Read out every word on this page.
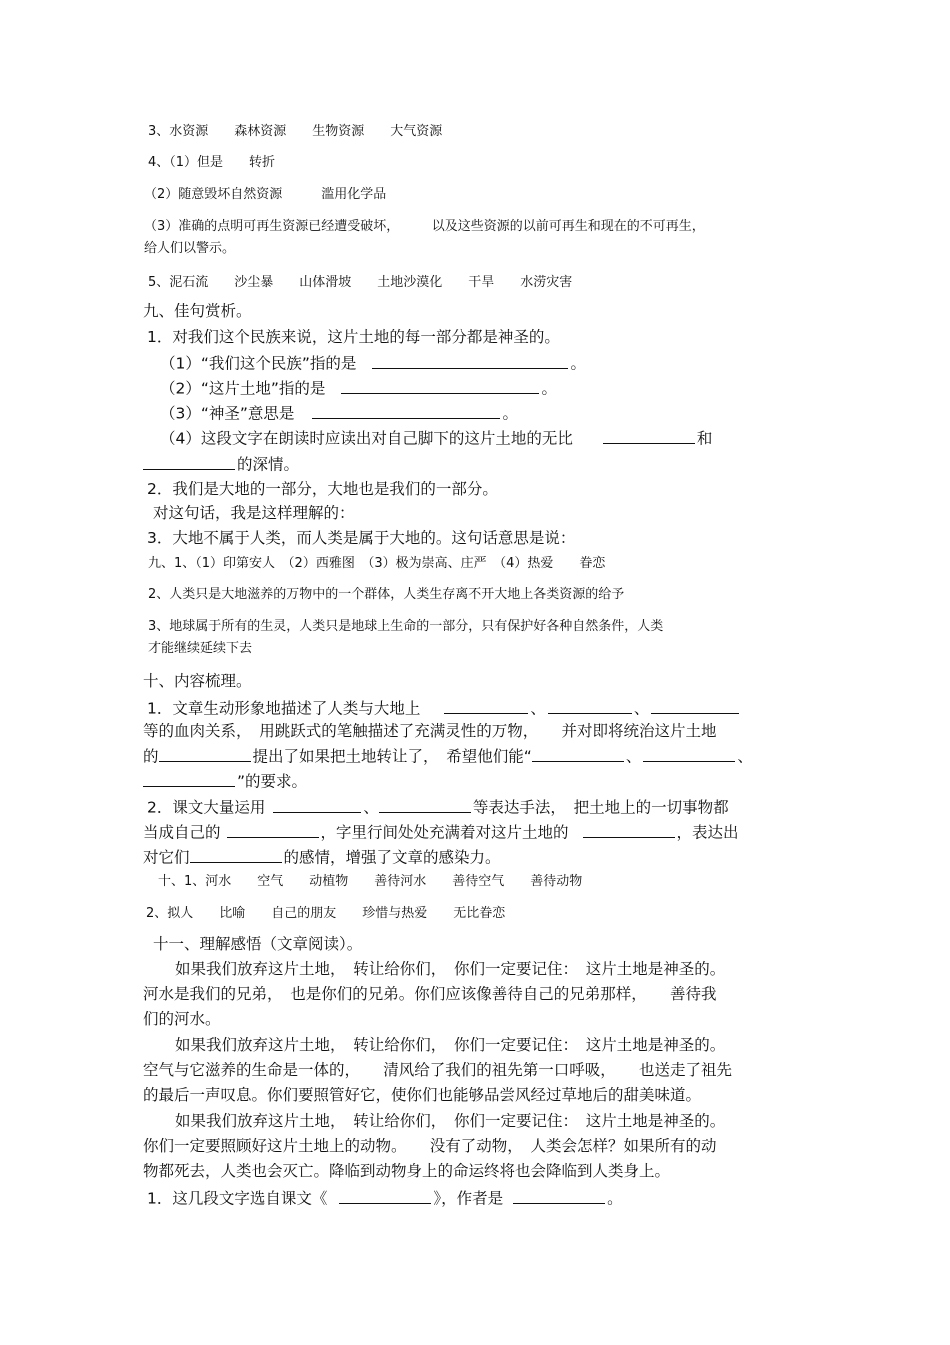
3、水资源　　森林资源　　生物资源　　大气资源
4、（1）但是　　转折
（2）随意毁坏自然资源　　　滥用化学品
（3）准确的点明可再生资源已经遭受破坏，　　　以及这些资源的以前可再生和现在的不可再生，
给人们以警示。
5、泥石流　　沙尘暴　　山体滑坡　　土地沙漠化　　干旱　　水涝灾害
九、佳句赏析。
1．对我们这个民族来说，这片土地的每一部分都是神圣的。
（1）“我们这个民族”指的是	。
（2）“这片土地”指的是	。
（3）“神圣”意思是	。
（4）这段文字在朗读时应读出对自己脚下的这片土地的无比	和
的深情。
2．我们是大地的一部分，大地也是我们的一部分。
对这句话，我是这样理解的：
3．大地不属于人类，而人类是属于大地的。这句话意思是说：
九、1、（1）印第安人　（2）西雅图　（3）极为崇高、庄严　（4）热爱　　眷恋
2、人类只是大地滋养的万物中的一个群体，人类生存离不开大地上各类资源的给予
3、地球属于所有的生灵，人类只是地球上生命的一部分，只有保护好各种自然条件，人类
才能继续延续下去
十、内容梳理。
1．文章生动形象地描述了人类与大地上	、	、
等的血肉关系，　用跳跃式的笔触描述了充满灵性的万物，　　并对即将统治这片土地
的	提出了如果把土地转让了，　希望他们能“	、	、
”的要求。
2．课文大量运用	、	等表达手法，　把土地上的一切事物都
当成自己的	，字里行间处处充满着对这片土地的	，表达出
对它们	的感情，增强了文章的感染力。
十、1、河水　　空气　　动植物　　善待河水　　善待空气　　善待动物
2、拟人　　比喻　　自己的朋友　　珍惜与热爱　　无比眷恋
十一、理解感悟（文章阅读）。
如果我们放弃这片土地，　转让给你们，　你们一定要记住：　这片土地是神圣的。
河水是我们的兄弟，　也是你们的兄弟。你们应该像善待自己的兄弟那样，　　善待我
们的河水。
如果我们放弃这片土地，　转让给你们，　你们一定要记住：　这片土地是神圣的。
空气与它滋养的生命是一体的，　　清风给了我们的祖先第一口呼吸，　　也送走了祖先
的最后一声叹息。你们要照管好它，使你们也能够品尝风经过草地后的甜美味道。
如果我们放弃这片土地，　转让给你们，　你们一定要记住：　这片土地是神圣的。
你们一定要照顾好这片土地上的动物。　　没有了动物，　人类会怎样？如果所有的动
物都死去，人类也会灭亡。降临到动物身上的命运终将也会降临到人类身上。
1．这几段文字选自课文《	》，作者是	。
